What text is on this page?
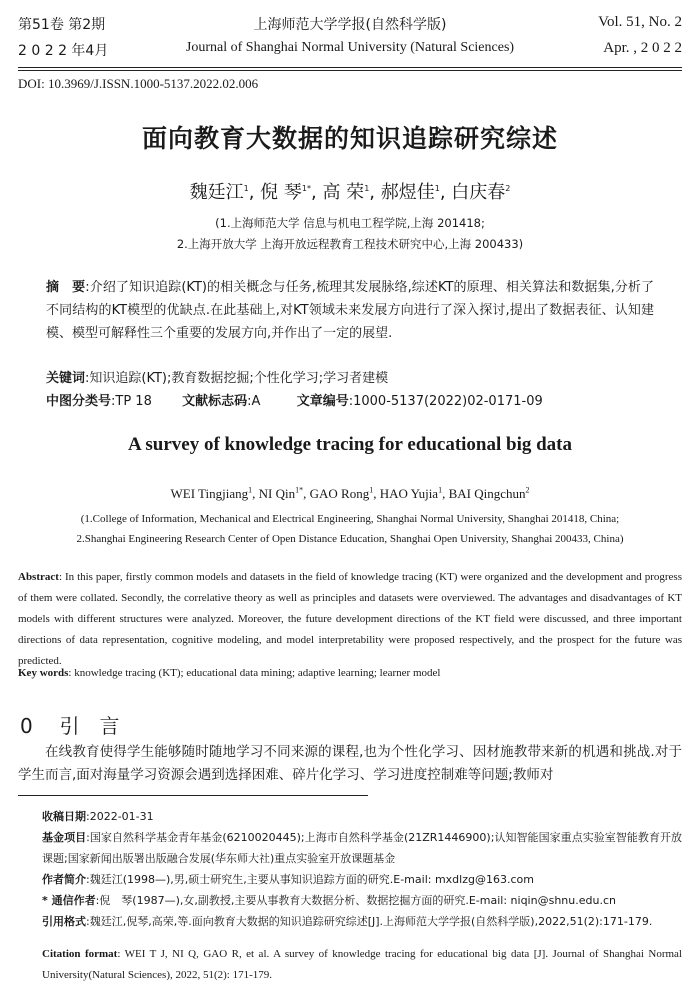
第51卷 第2期
2 0 2 2 年4月
上海师范大学学报(自然科学版)
Journal of Shanghai Normal University (Natural Sciences)
Vol. 51, No. 2
Apr. , 2 0 2 2
DOI: 10.3969/J.ISSN.1000-5137.2022.02.006
面向教育大数据的知识追踪研究综述
魏廷江$^1$, 倪 琴$^{1*}$, 高 荣$^1$, 郝煜佳$^1$, 白庆春$^2$
(1.上海师范大学 信息与机电工程学院,上海 201418;
2.上海开放大学 上海开放远程教育工程技术研究中心,上海 200433)
摘　要:介绍了知识追踪(KT)的相关概念与任务,梳理其发展脉络,综述KT的原理、相关算法和数据集,分析了不同结构的KT模型的优缺点.在此基础上,对KT领域未来发展方向进行了深入探讨,提出了数据表征、认知建模、模型可解释性三个重要的发展方向,并作出了一定的展望.
关键词:知识追踪(KT);教育数据挖掘;个性化学习;学习者建模
中图分类号:TP 18 文献标志码:A	文章编号:1000-5137(2022)02-0171-09
A survey of knowledge tracing for educational big data
WEI Tingjiang$^1$, NI Qin$^{1*}$, GAO Rong$^1$, HAO Yujia$^1$, BAI Qingchun$^2$
(1.College of Information, Mechanical and Electrical Engineering, Shanghai Normal University, Shanghai 201418, China;
2.Shanghai Engineering Research Center of Open Distance Education, Shanghai Open University, Shanghai 200433, China)
Abstract: In this paper, firstly common models and datasets in the field of knowledge tracing (KT) were organized and the development and progress of them were collated. Secondly, the correlative theory as well as principles and datasets were overviewed. The advantages and disadvantages of KT models with different structures were analyzed. Moreover, the future development directions of the KT field were discussed, and three important directions of data representation, cognitive modeling, and model interpretability were proposed respectively, and the prospect for the future was predicted.
Key words: knowledge tracing (KT); educational data mining; adaptive learning; learner model
0 引　言
在线教育使得学生能够随时随地学习不同来源的课程,也为个性化学习、因材施教带来新的机遇和挑战.对于学生而言,面对海量学习资源会遇到选择困难、碎片化学习、学习进度控制难等问题;教师对
收稿日期:2022-01-31
基金项目:国家自然科学基金青年基金(6210020445);上海市自然科学基金(21ZR1446900);认知智能国家重点实验室智能教育开放课题;国家新闻出版署出版融合发展(华东师大社)重点实验室开放课题基金
作者简介:魏廷江(1998—),男,硕士研究生,主要从事知识追踪方面的研究.E-mail: mxdlzg@163.com
* 通信作者:倪　琴(1987—),女,副教授,主要从事教育大数据分析、数据挖掘方面的研究.E-mail: niqin@shnu.edu.cn
引用格式:魏廷江,倪琴,高荣,等.面向教育大数据的知识追踪研究综述[J].上海师范大学学报(自然科学版),2022,51(2):171-179.
Citation format: WEI T J, NI Q, GAO R, et al. A survey of knowledge tracing for educational big data [J]. Journal of Shanghai Normal University(Natural Sciences), 2022, 51(2): 171-179.
